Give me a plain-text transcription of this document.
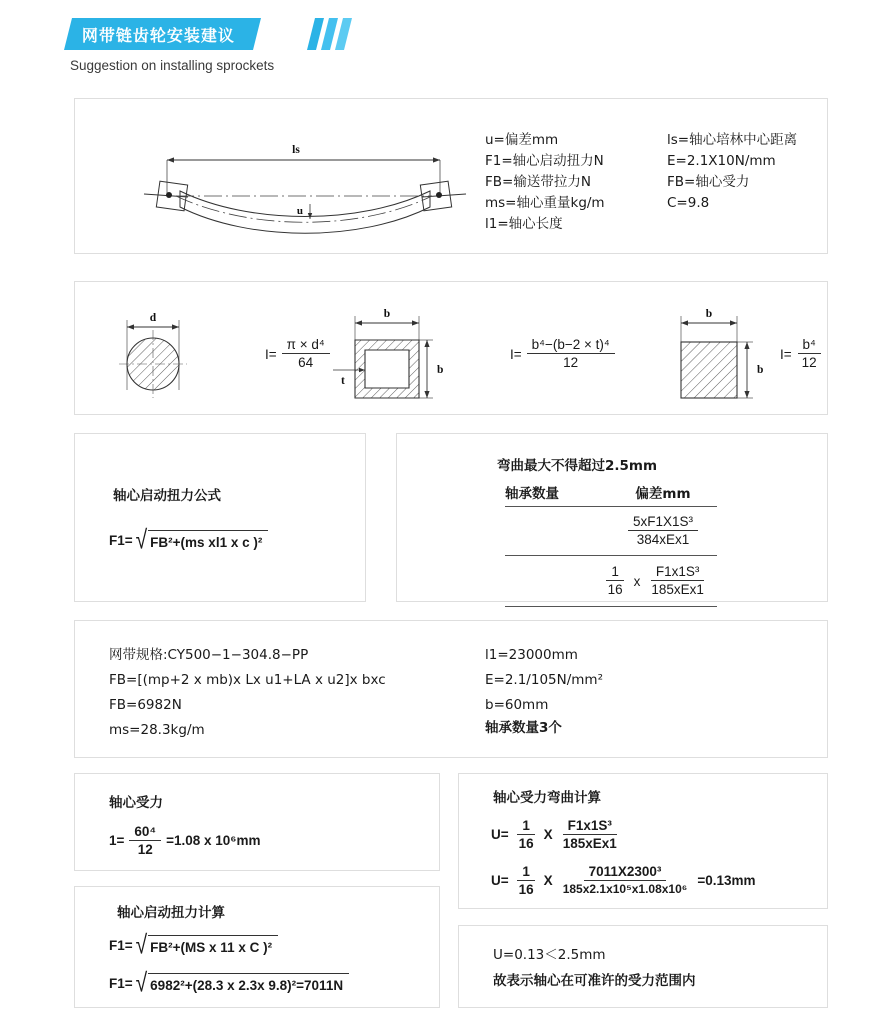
网带链齿轮安装建议
Suggestion on installing sprockets
ls
u
u=偏差mm
F1=轴心启动扭力N
FB=输送带拉力N
ms=轴心重量kg/m
l1=轴心长度
ls=轴心培林中心距离
E=2.1X10N/mm
FB=轴心受力
C=9.8
d
$I= \frac{\text{π × d⁴}}{64}$
b
b
t
$I= \frac{\text{b⁴−(b−2 × t)⁴}}{12}$
b
b
$I= \frac{\text{b⁴}}{12}$
轴心启动扭力公式
F1= √ FB²+(ms xl1 x c )²
弯曲最大不得超过2.5mm
轴承数量	偏差mm
$\frac{\text{5xF1X1S³}}{\text{384xEx1}}$
$\frac{1}{16}$ x $\frac{\text{F1x1S³}}{\text{185xEx1}}$
网带规格:CY500−1−304.8−PP
FB=[(mp+2 x mb)x Lx u1+LA x u2]x bxc
FB=6982N
ms=28.3kg/m
l1=23000mm
E=2.1/105N/mm²
b=60mm
轴承数量3个
轴心受力
$1= \frac{\text{60⁴}}{12} =1.08$ x 10⁶mm
轴心受力弯曲计算
$U= \frac{1}{16}$ X $\frac{\text{F1x1S³}}{\text{185xEx1}}$
$U= \frac{1}{16}$ X $\frac{\text{7011X2300³}}{\text{185x2.1x10⁵x1.08x10⁶}} =0.13mm$
轴心启动扭力计算
F1= √ FB²+(MS x 11 x C )²
F1= √ 6982²+(28.3 x 2.3x 9.8)²=7011N
U=0.13＜2.5mm
故表示轴心在可准许的受力范围内
